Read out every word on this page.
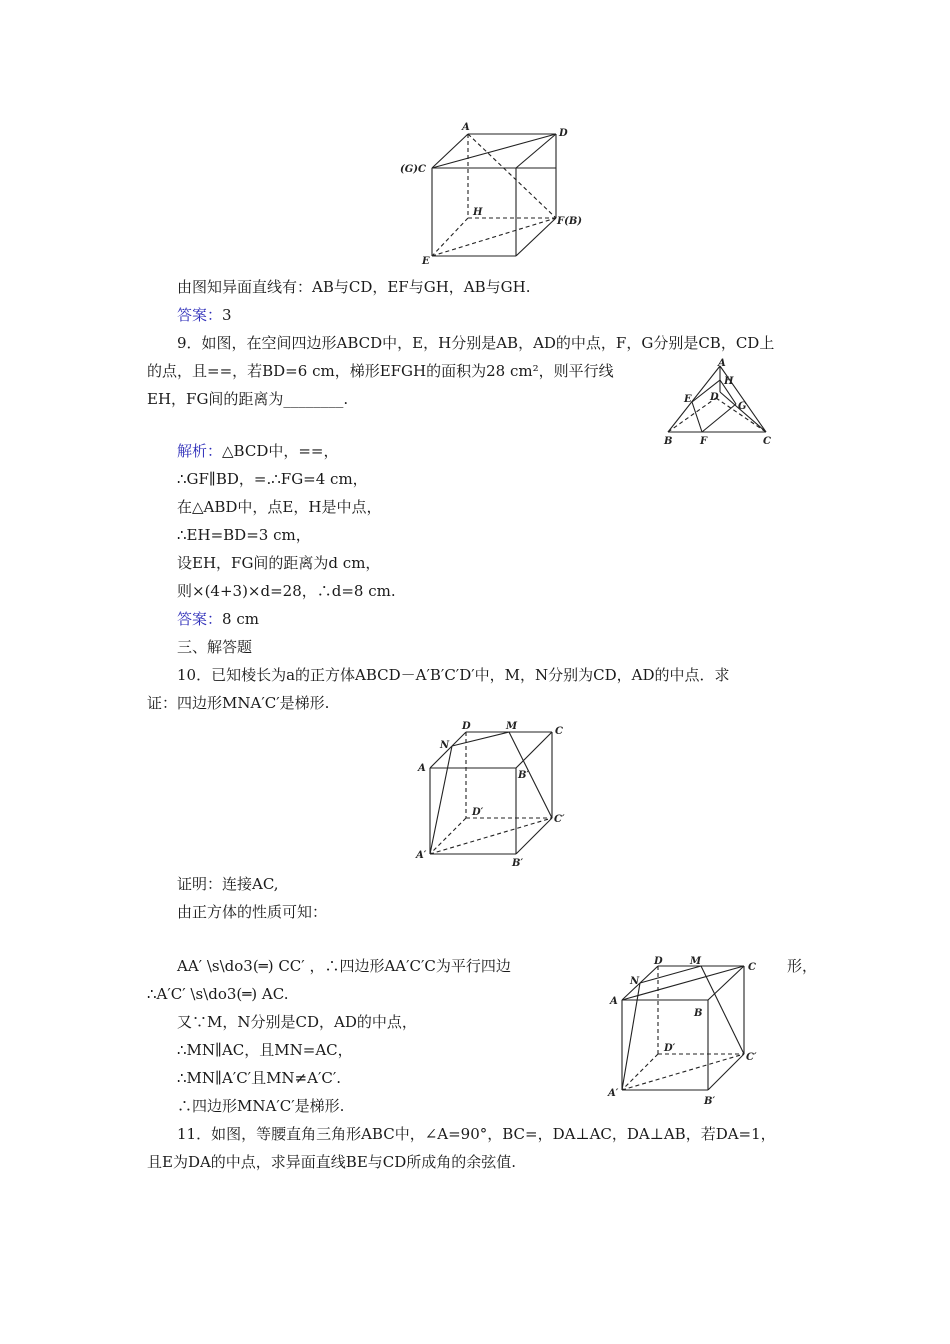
A
D
(G)C
H
F(B)
E
由图知异面直线有：AB与CD，EF与GH，AB与GH.
答案：3
9．如图，在空间四边形ABCD中，E，H分别是AB，AD的中点，F，G分别是CB，CD上
的点，且==，若BD=6 cm，梯形EFGH的面积为28 cm²，则平行线
EH，FG间的距离为________.
A
H
E D
G
B	F	C
解析：△BCD中，==，
∴GF∥BD，=.∴FG=4 cm，
在△ABD中，点E，H是中点，
∴EH=BD=3 cm，
设EH，FG间的距离为d cm，
则×(4+3)×d=28，∴d=8 cm.
答案：8 cm
三、解答题
10．已知棱长为a的正方体ABCD－A′B′C′D′中，M，N分别为CD，AD的中点．求
证：四边形MNA′C′是梯形.
D	M	C
N
A
B′
D′
C′
A′
B′
证明：连接AC,
由正方体的性质可知：
AA′ \s\do3(═) CC′ ，∴四边形AA′C′C为平行四边	形，
∴A′C′ \s\do3(═) AC.
又∵M，N分别是CD，AD的中点，
∴MN∥AC，且MN=AC，
∴MN∥A′C′且MN≠A′C′.
∴四边形MNA′C′是梯形.
D	M
C
N
A
B
D′
C′
A′
B′
11．如图，等腰直角三角形ABC中，∠A=90°，BC=，DA⊥AC，DA⊥AB，若DA=1，
且E为DA的中点，求异面直线BE与CD所成角的余弦值.
